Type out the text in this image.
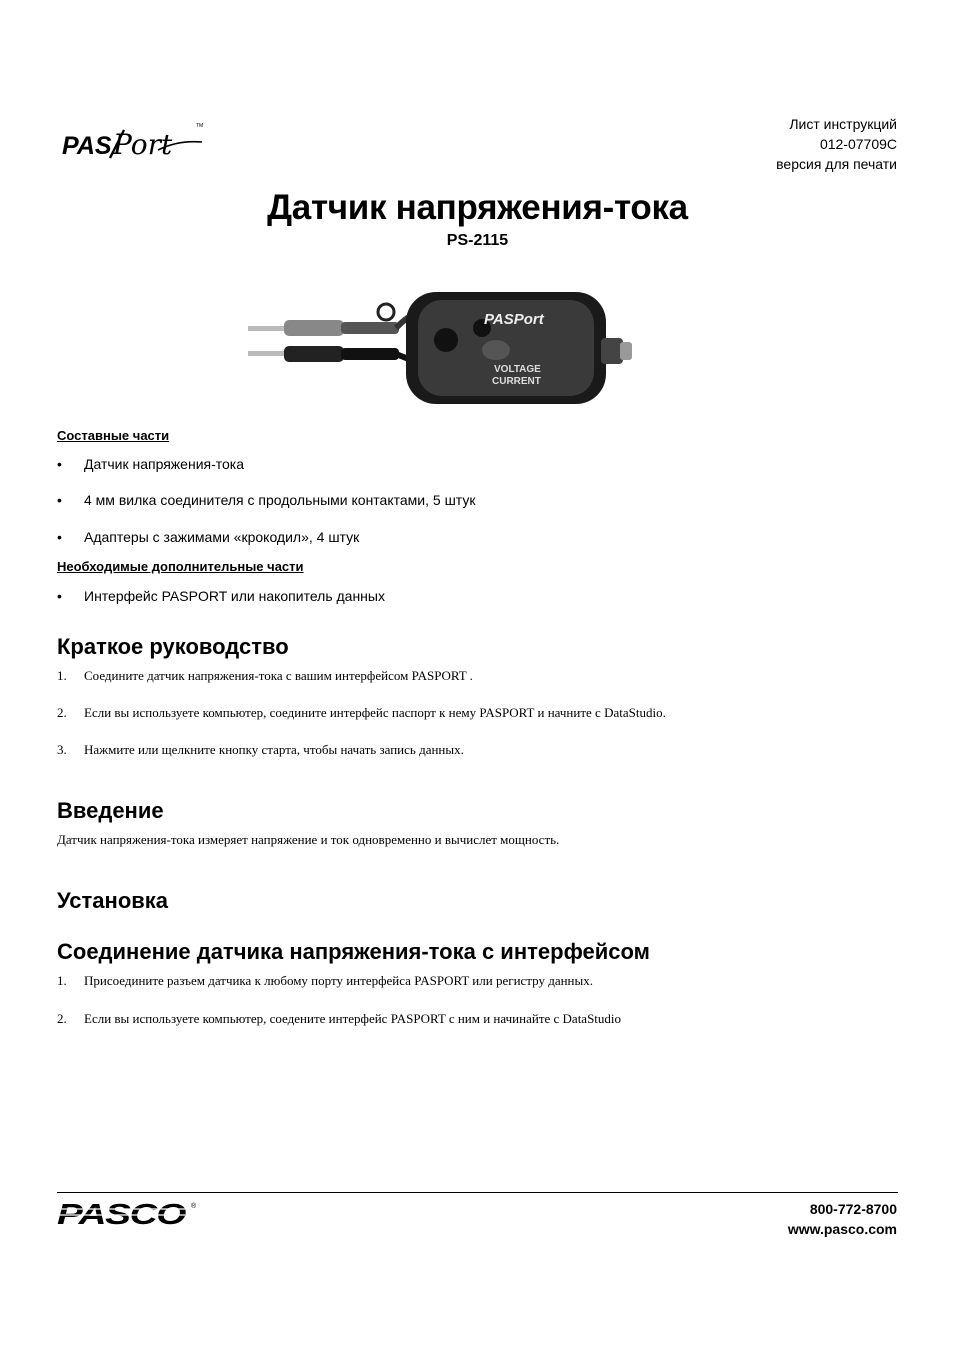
PAS Port
TM	Лист инструкций
012-07709C
версия для печати
Датчик напряжения-тока
PS-2115
PASPort
VOLTAGE
CURRENT
Составные части
• Датчик напряжения-тока
• 4 мм вилка соединителя с продольными контактами, 5 штук
• Адаптеры с зажимами «крокодил», 4 штук
Необходимые дополнительные части
• Интерфейс PASPORT или накопитель данных
Краткое руководство
1. Соедините датчик напряжения-тока с вашим интерфейсом PASPORT .
2. Если вы используете компьютер, соедините интерфейс паспорт к нему PASPORT и начните с DataStudio.
3. Нажмите или щелкните кнопку старта, чтобы начать запись данных.
Введение
Датчик напряжения-тока измеряет напряжение и ток одновременно и вычислет мощность.
Установка
Соединение датчика напряжения-тока с интерфейсом
1. Присоедините разъем датчика к любому порту интерфейса PASPORT или регистру данных.
2. Если вы используете компьютер, соеденитe интерфейс PASPORT с ним и начинайте с DataStudio
PASCO ®	800-772-8700
www.pasco.com
